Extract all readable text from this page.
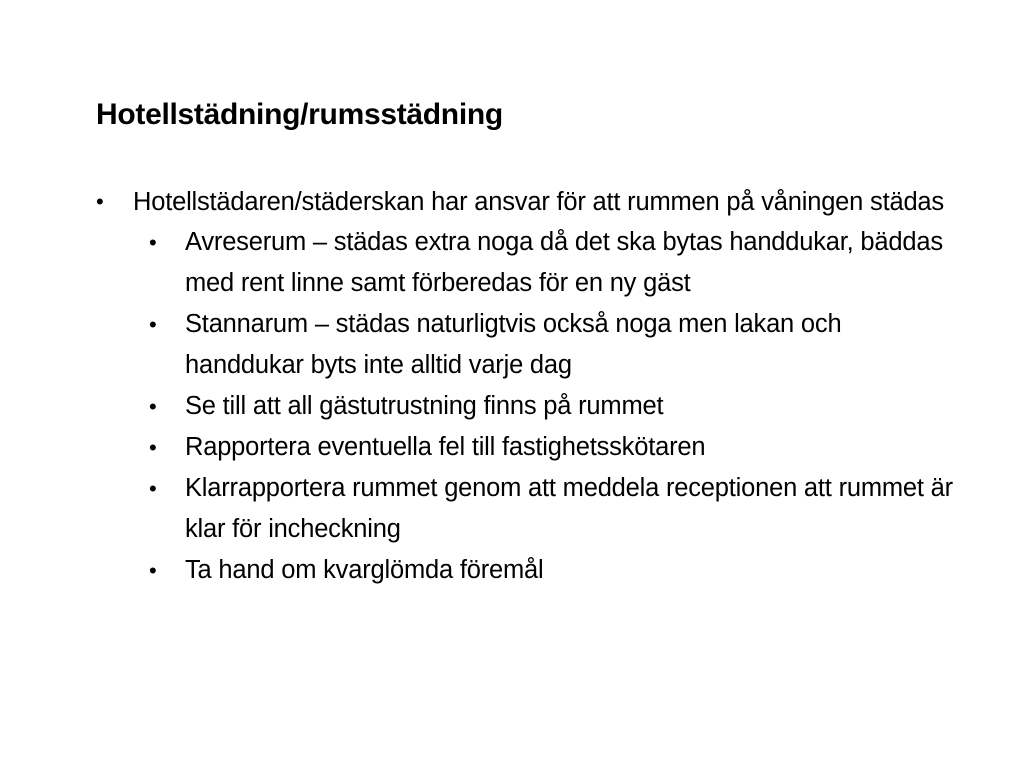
Hotellstädning/rumsstädning
•	Hotellstädaren/städerskan har ansvar för att rummen på våningen städas
•	Avreserum – städas extra noga då det ska bytas handdukar, bäddas med rent linne samt förberedas för en ny gäst
•	Stannarum – städas naturligtvis också noga men lakan och handdukar byts inte alltid varje dag
•	Se till att all gästutrustning finns på rummet
•	Rapportera eventuella fel till fastighetsskötaren
•	Klarrapportera rummet genom att meddela receptionen att rummet är klar för incheckning
•	Ta hand om kvarglömda föremål
